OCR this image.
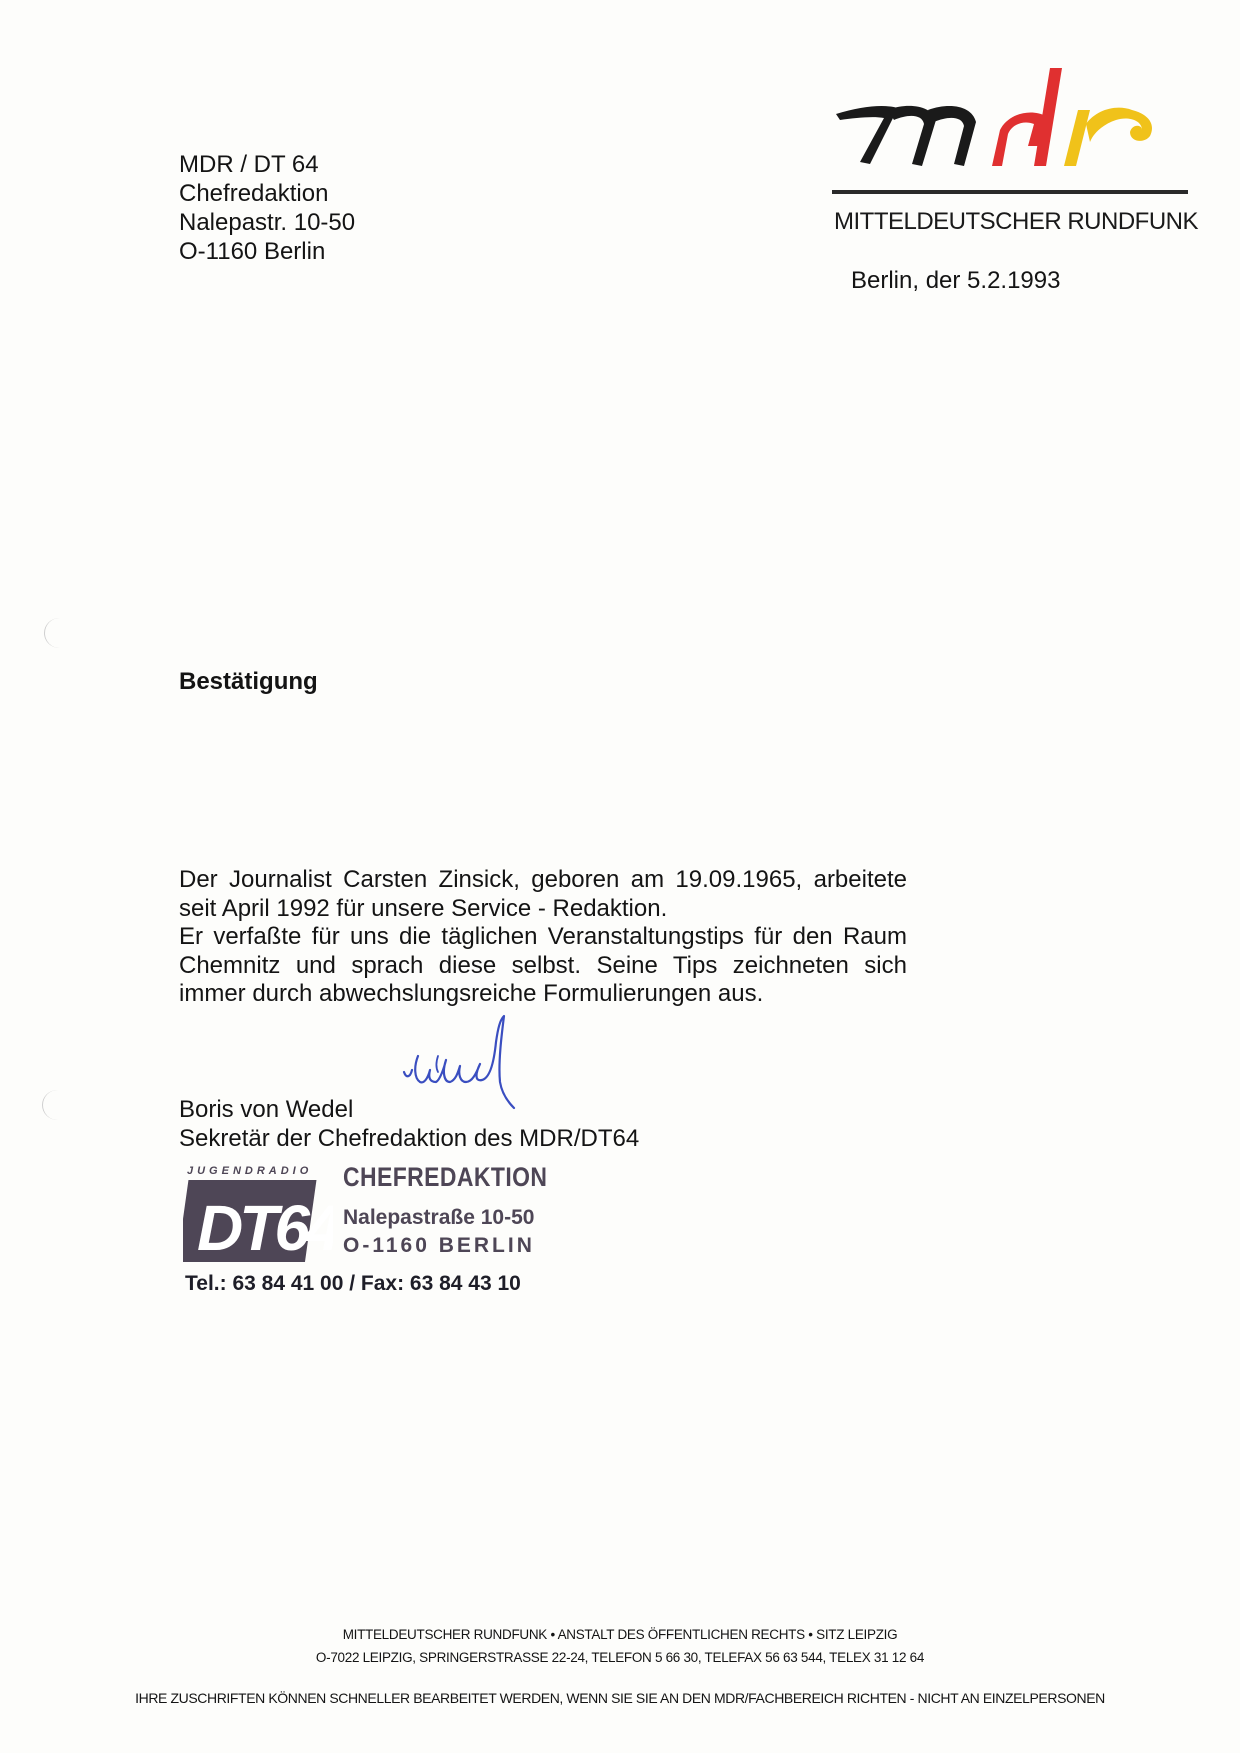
MDR / DT 64
Chefredaktion
Nalepastr. 10-50
O-1160 Berlin
MITTELDEUTSCHER RUNDFUNK
Berlin, der 5.2.1993
Bestätigung
Der Journalist Carsten Zinsick, geboren am 19.09.1965, arbeitete seit April 1992 für unsere Service - Redaktion.
Er verfaßte für uns die täglichen Veranstaltungstips für den Raum Chemnitz und sprach diese selbst. Seine Tips zeichneten sich immer durch abwechslungsreiche Formulierungen aus.
Boris von Wedel
Sekretär der Chefredaktion des MDR/DT64
JUGENDRADIO
DT64
CHEFREDAKTION
Nalepastraße 10-50
O-1160 BERLIN
Tel.: 63 84 41 00 / Fax: 63 84 43 10
MITTELDEUTSCHER RUNDFUNK • ANSTALT DES ÖFFENTLICHEN RECHTS • SITZ LEIPZIG
O-7022 LEIPZIG, SPRINGERSTRASSE 22-24, TELEFON 5 66 30, TELEFAX 56 63 544, TELEX 31 12 64
IHRE ZUSCHRIFTEN KÖNNEN SCHNELLER BEARBEITET WERDEN, WENN SIE SIE AN DEN MDR/FACHBEREICH RICHTEN - NICHT AN EINZELPERSONEN
